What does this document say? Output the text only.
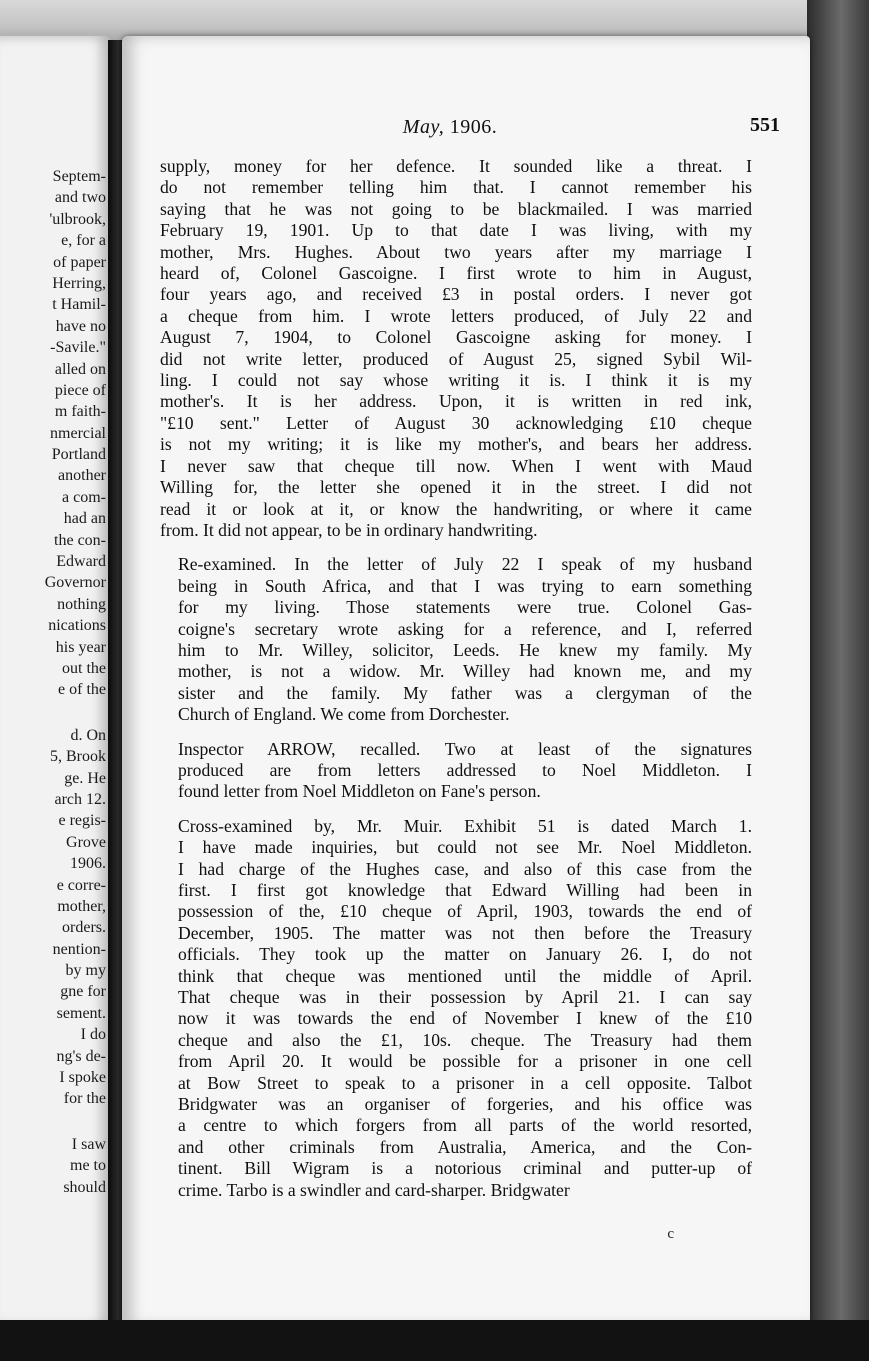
Septem-
and two
'ulbrook,
e, for a
of paper
Herring,
t Hamil-
have no
-Savile."
alled on
piece of
m faith-
nmercial
Portland
another
a com-
had an
the con-
Edward
Governor
nothing
nications
his year
out the
e of the
d. On
5, Brook
ge. He
arch 12.
e regis-
Grove
1906.
e corre-
mother,
orders.
nention-
by my
gne for
sement.
I do
ng's de-
I spoke
for the
I saw
me to
should
May, 1906.	551
supply, money for her defence. It sounded like a threat. I
do not remember telling him that. I cannot remember his
saying that he was not going to be blackmailed. I was married
February 19, 1901. Up to that date I was living, with my
mother, Mrs. Hughes. About two years after my marriage I
heard of, Colonel Gascoigne. I first wrote to him in August,
four years ago, and received £3 in postal orders. I never got
a cheque from him. I wrote letters produced, of July 22 and
August 7, 1904, to Colonel Gascoigne asking for money. I
did not write letter, produced of August 25, signed Sybil Wil-
ling. I could not say whose writing it is. I think it is my
mother's. It is her address. Upon, it is written in red ink,
"£10 sent." Letter of August 30 acknowledging £10 cheque
is not my writing; it is like my mother's, and bears her address.
I never saw that cheque till now. When I went with Maud
Willing for, the letter she opened it in the street. I did not
read it or look at it, or know the handwriting, or where it came
from. It did not appear, to be in ordinary handwriting.
Re-examined. In the letter of July 22 I speak of my husband
being in South Africa, and that I was trying to earn something
for my living. Those statements were true. Colonel Gas-
coigne's secretary wrote asking for a reference, and I, referred
him to Mr. Willey, solicitor, Leeds. He knew my family. My
mother, is not a widow. Mr. Willey had known me, and my
sister and the family. My father was a clergyman of the
Church of England. We come from Dorchester.
Inspector ARROW, recalled. Two at least of the signatures
produced are from letters addressed to Noel Middleton. I
found letter from Noel Middleton on Fane's person.
Cross-examined by, Mr. Muir. Exhibit 51 is dated March 1.
I have made inquiries, but could not see Mr. Noel Middleton.
I had charge of the Hughes case, and also of this case from the
first. I first got knowledge that Edward Willing had been in
possession of the, £10 cheque of April, 1903, towards the end of
December, 1905. The matter was not then before the Treasury
officials. They took up the matter on January 26. I, do not
think that cheque was mentioned until the middle of April.
That cheque was in their possession by April 21. I can say
now it was towards the end of November I knew of the £10
cheque and also the £1, 10s. cheque. The Treasury had them
from April 20. It would be possible for a prisoner in one cell
at Bow Street to speak to a prisoner in a cell opposite. Talbot
Bridgwater was an organiser of forgeries, and his office was
a centre to which forgers from all parts of the world resorted,
and other criminals from Australia, America, and the Con-
tinent. Bill Wigram is a notorious criminal and putter-up of
crime. Tarbo is a swindler and card-sharper. Bridgwater
c
